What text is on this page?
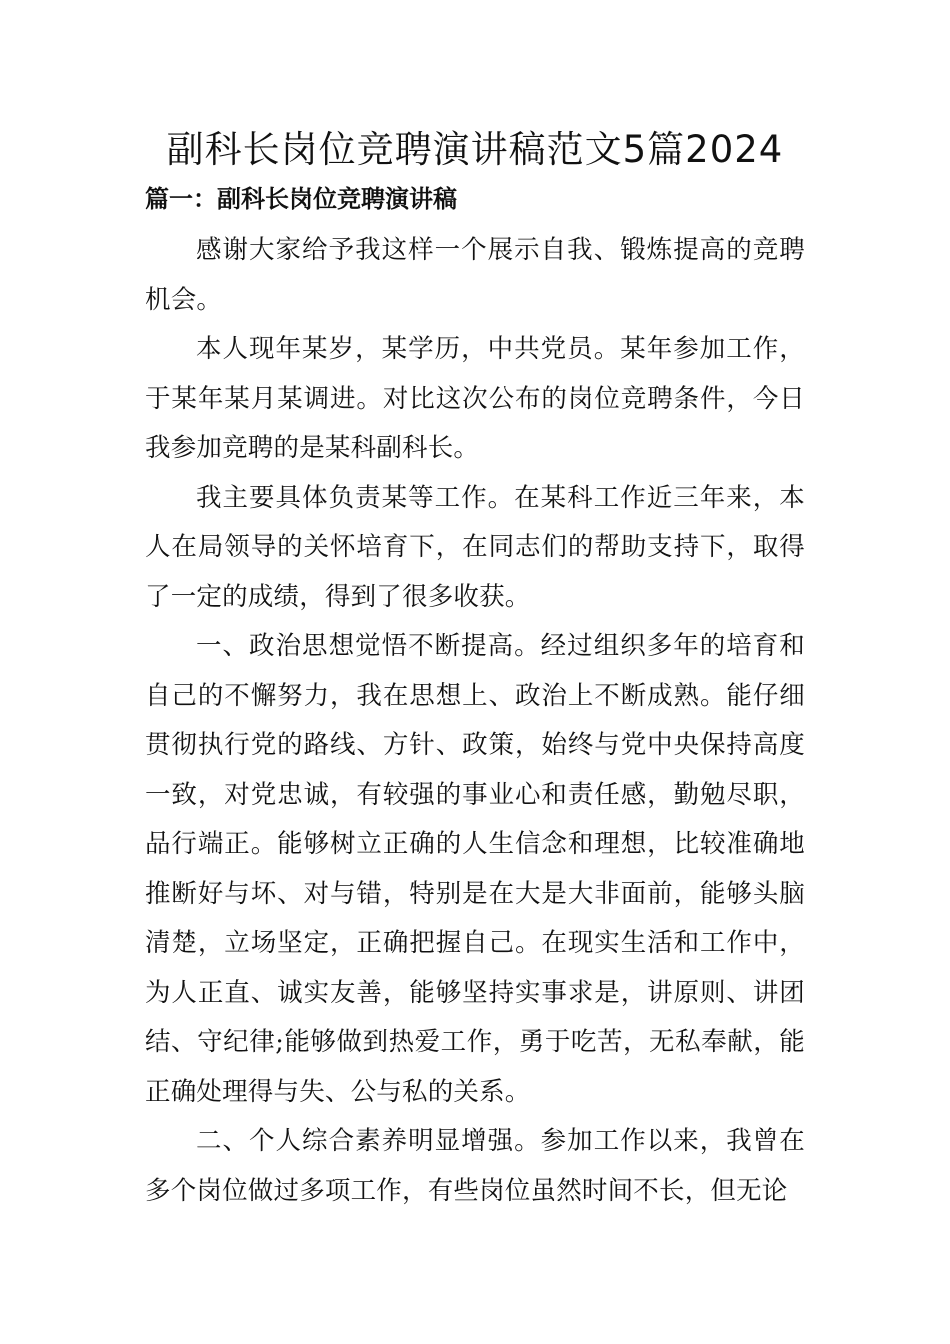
副科长岗位竞聘演讲稿范文5篇2024
篇一：副科长岗位竞聘演讲稿

感谢大家给予我这样一个展示自我、锻炼提高的竞聘机会。

本人现年某岁，某学历，中共党员。某年参加工作，于某年某月某调进。对比这次公布的岗位竞聘条件，今日我参加竞聘的是某科副科长。

我主要具体负责某等工作。在某科工作近三年来，本人在局领导的关怀培育下，在同志们的帮助支持下，取得了一定的成绩，得到了很多收获。

一、政治思想觉悟不断提高。经过组织多年的培育和自己的不懈努力，我在思想上、政治上不断成熟。能仔细贯彻执行党的路线、方针、政策，始终与党中央保持高度一致，对党忠诚，有较强的事业心和责任感，勤勉尽职，品行端正。能够树立正确的人生信念和理想，比较准确地推断好与坏、对与错，特别是在大是大非面前，能够头脑清楚，立场坚定，正确把握自己。在现实生活和工作中，为人正直、诚实友善，能够坚持实事求是，讲原则、讲团结、守纪律;能够做到热爱工作，勇于吃苦，无私奉献，能正确处理得与失、公与私的关系。

二、个人综合素养明显增强。参加工作以来，我曾在多个岗位做过多项工作，有些岗位虽然时间不长，但无论
